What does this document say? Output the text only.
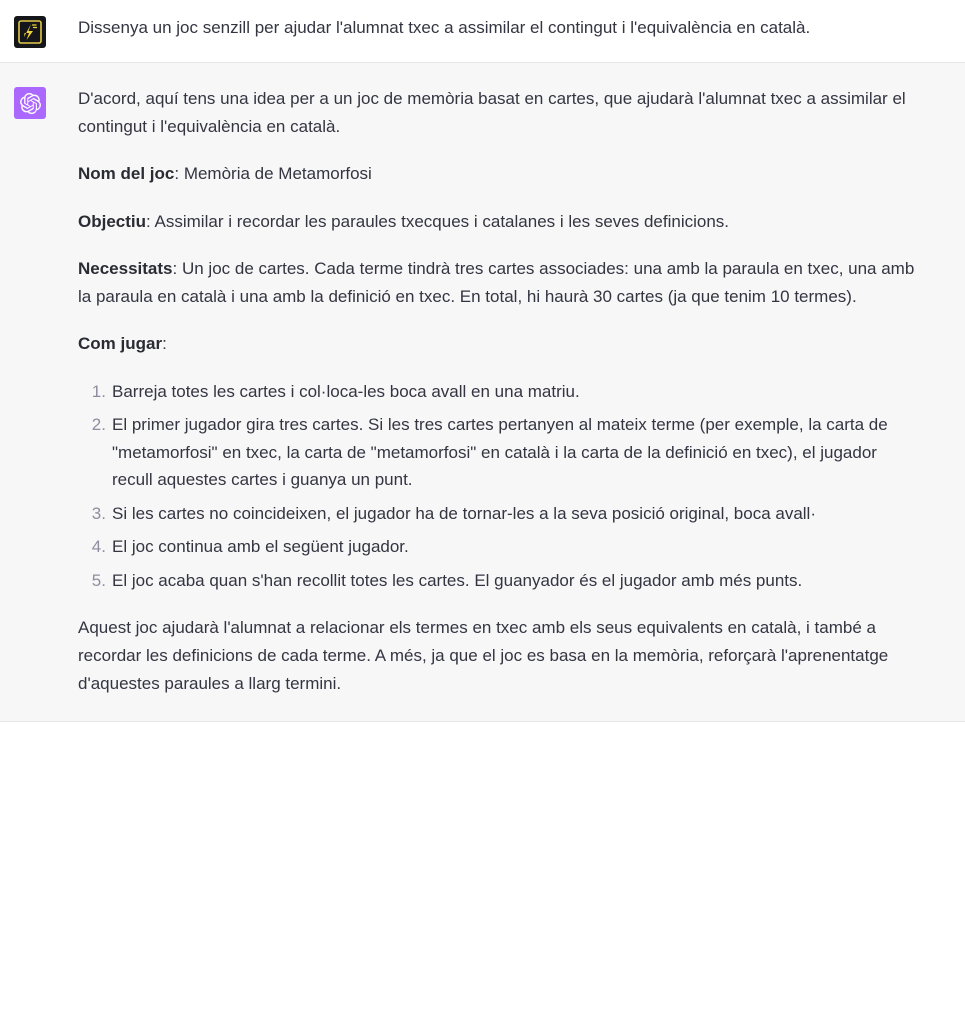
Dissenya un joc senzill per ajudar l'alumnat txec a assimilar el contingut i l'equivalència en català.

D'acord, aquí tens una idea per a un joc de memòria basat en cartes, que ajudarà l'alumnat txec a assimilar el contingut i l'equivalència en català.

Nom del joc: Memòria de Metamorfosi

Objectiu: Assimilar i recordar les paraules txecques i catalanes i les seves definicions.

Necessitats: Un joc de cartes. Cada terme tindrà tres cartes associades: una amb la paraula en txec, una amb la paraula en català i una amb la definició en txec. En total, hi haurà 30 cartes (ja que tenim 10 termes).

Com jugar:

Barreja totes les cartes i col·loca-les boca avall en una matriu.
El primer jugador gira tres cartes. Si les tres cartes pertanyen al mateix terme (per exemple, la carta de "metamorfosi" en txec, la carta de "metamorfosi" en català i la carta de la definició en txec), el jugador recull aquestes cartes i guanya un punt.
Si les cartes no coincideixen, el jugador ha de tornar-les a la seva posició original, boca avall·
El joc continua amb el següent jugador.
El joc acaba quan s'han recollit totes les cartes. El guanyador és el jugador amb més punts.

Aquest joc ajudarà l'alumnat a relacionar els termes en txec amb els seus equivalents en català, i també a recordar les definicions de cada terme. A més, ja que el joc es basa en la memòria, reforçarà l'aprenentatge d'aquestes paraules a llarg termini.
